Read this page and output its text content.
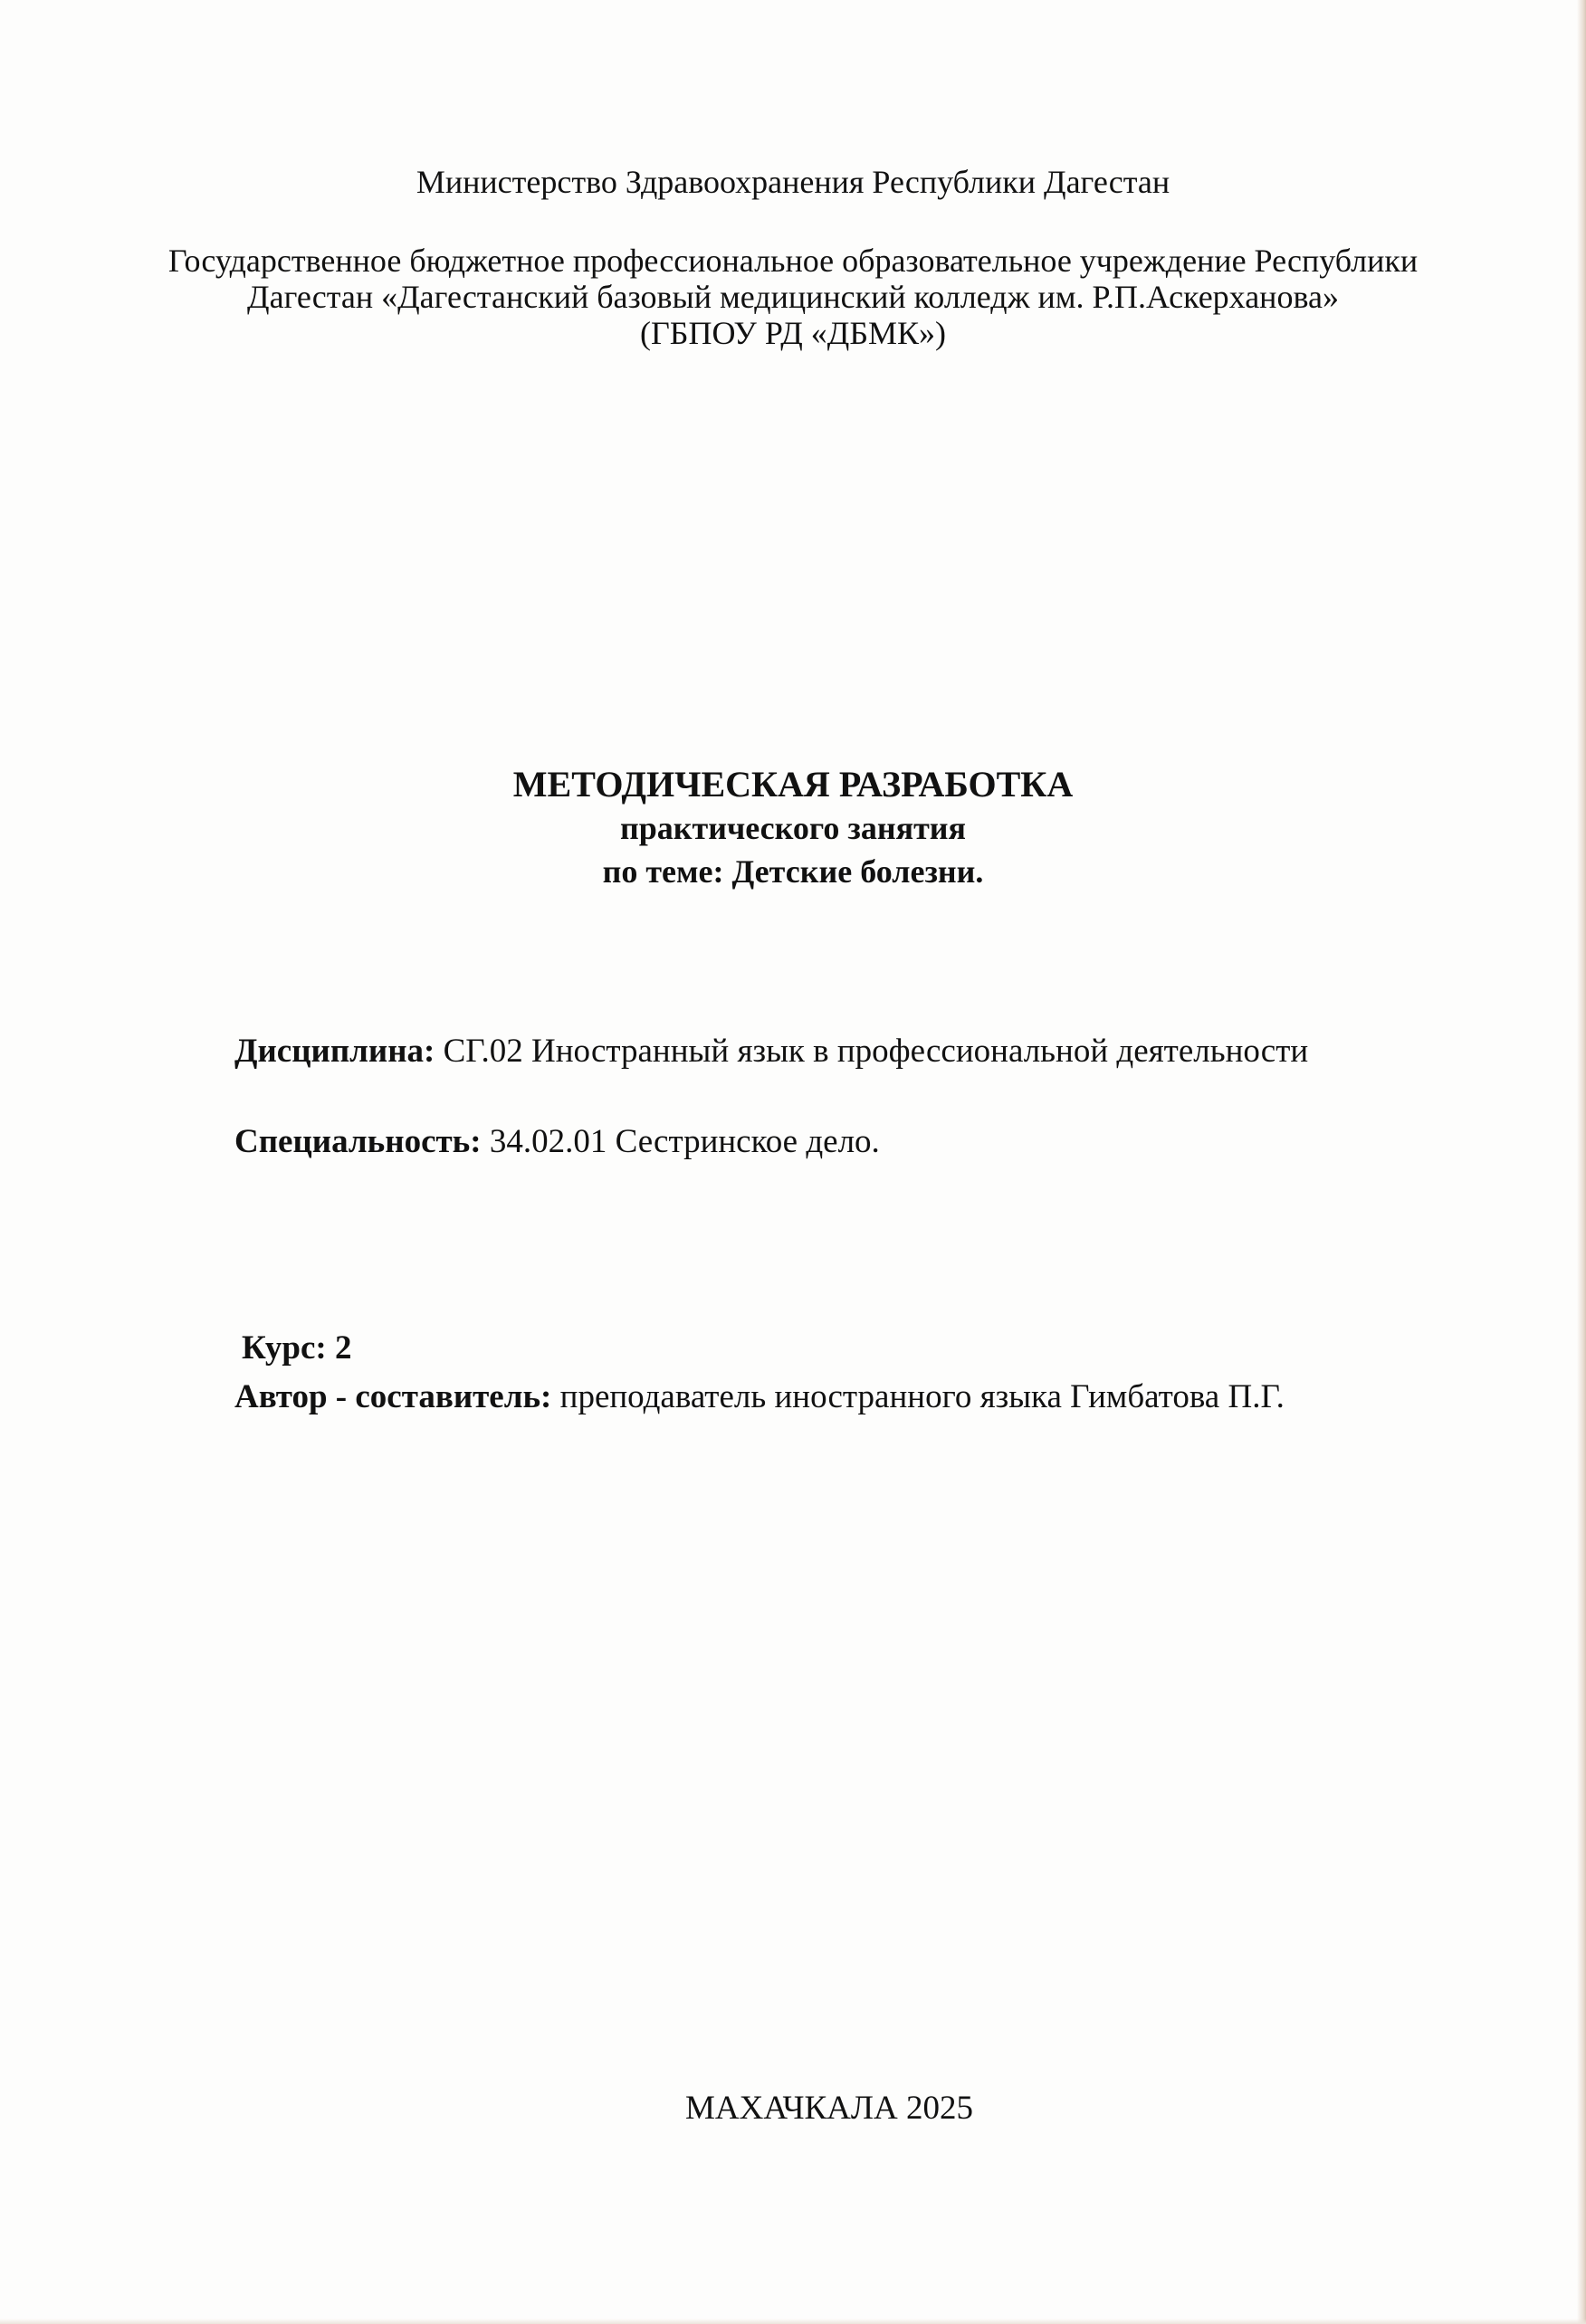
Министерство Здравоохранения Республики Дагестан
Государственное бюджетное профессиональное образовательное учреждение Республики
Дагестан «Дагестанский базовый медицинский колледж им. Р.П.Аскерханова»
(ГБПОУ РД «ДБМК»)
МЕТОДИЧЕСКАЯ РАЗРАБОТКА
практического занятия
по теме: Детские болезни.
Дисциплина: СГ.02 Иностранный язык в профессиональной деятельности
Специальность: 34.02.01 Сестринское дело.
Курс: 2
Автор - составитель: преподаватель иностранного языка Гимбатова П.Г.
МАХАЧКАЛА 2025
